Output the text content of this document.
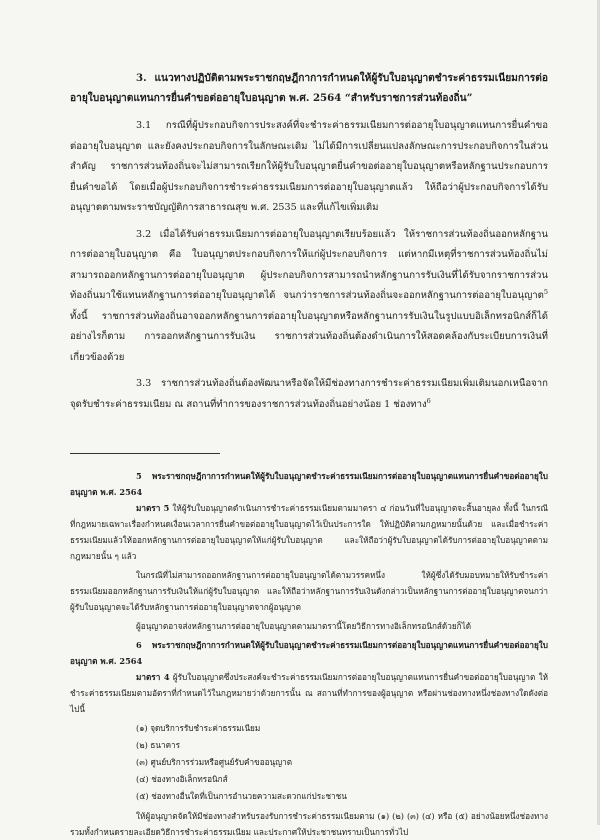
3. แนวทางปฏิบัติตามพระราชกฤษฎีกาการกำหนดให้ผู้รับใบอนุญาตชำระค่าธรรมเนียมการต่ออายุใบอนุญาตแทนการยื่นคำขอต่ออายุใบอนุญาต พ.ศ. 2564 “สำหรับราชการส่วนท้องถิ่น”

3.1 กรณีที่ผู้ประกอบกิจการประสงค์ที่จะชำระค่าธรรมเนียมการต่ออายุใบอนุญาตแทนการยื่นคำขอต่ออายุใบอนุญาต และยังคงประกอบกิจการในลักษณะเดิม ไม่ได้มีการเปลี่ยนแปลงลักษณะการประกอบกิจการในส่วนสำคัญ ราชการส่วนท้องถิ่นจะไม่สามารถเรียกให้ผู้รับใบอนุญาตยื่นคำขอต่ออายุใบอนุญาตหรือหลักฐานประกอบการยื่นคำขอได้ โดยเมื่อผู้ประกอบกิจการชำระค่าธรรมเนียมการต่ออายุใบอนุญาตแล้ว ให้ถือว่าผู้ประกอบกิจการได้รับอนุญาตตามพระราชบัญญัติการสาธารณสุข พ.ศ. 2535 และที่แก้ไขเพิ่มเติม

3.2 เมื่อได้รับค่าธรรมเนียมการต่ออายุใบอนุญาตเรียบร้อยแล้ว ให้ราชการส่วนท้องถิ่นออกหลักฐานการต่ออายุใบอนุญาต คือ ใบอนุญาตประกอบกิจการให้แก่ผู้ประกอบกิจการ แต่หากมีเหตุที่ราชการส่วนท้องถิ่นไม่สามารถออกหลักฐานการต่ออายุใบอนุญาต ผู้ประกอบกิจการสามารถนำหลักฐานการรับเงินที่ได้รับจากราชการส่วนท้องถิ่นมาใช้แทนหลักฐานการต่ออายุใบอนุญาตได้ จนกว่าราชการส่วนท้องถิ่นจะออกหลักฐานการต่ออายุใบอนุญาต$^5$ ทั้งนี้ ราชการส่วนท้องถิ่นอาจออกหลักฐานการต่ออายุใบอนุญาตหรือหลักฐานการรับเงินในรูปแบบอิเล็กทรอนิกส์ก็ได้ อย่างไรก็ตาม การออกหลักฐานการรับเงิน ราชการส่วนท้องถิ่นต้องดำเนินการให้สอดคล้องกับระเบียบการเงินที่เกี่ยวข้องด้วย

3.3 ราชการส่วนท้องถิ่นต้องพัฒนาหรือจัดให้มีช่องทางการชำระค่าธรรมเนียมเพิ่มเติมนอกเหนือจากจุดรับชำระค่าธรรมเนียม ณ สถานที่ทำการของราชการส่วนท้องถิ่นอย่างน้อย 1 ช่องทาง$^6$

5 พระราชกฤษฎีกาการกำหนดให้ผู้รับใบอนุญาตชำระค่าธรรมเนียมการต่ออายุใบอนุญาตแทนการยื่นคำขอต่ออายุใบอนุญาต พ.ศ. 2564

มาตรา 5 ให้ผู้รับใบอนุญาตดำเนินการชำระค่าธรรมเนียมตามมาตรา ๔ ก่อนวันที่ใบอนุญาตจะสิ้นอายุลง ทั้งนี้ ในกรณีที่กฎหมายเฉพาะเรื่องกำหนดเงื่อนเวลาการยื่นคำขอต่ออายุใบอนุญาตไว้เป็นประการใด ให้ปฏิบัติตามกฎหมายนั้นด้วย และเมื่อชำระค่าธรรมเนียมแล้วให้ออกหลักฐานการต่ออายุใบอนุญาตให้แก่ผู้รับใบอนุญาต และให้ถือว่าผู้รับใบอนุญาตได้รับการต่ออายุใบอนุญาตตามกฎหมายนั้น ๆ แล้ว

ในกรณีที่ไม่สามารถออกหลักฐานการต่ออายุใบอนุญาตได้ตามวรรคหนึ่ง ให้ผู้ซึ่งได้รับมอบหมายให้รับชำระค่าธรรมเนียมออกหลักฐานการรับเงินให้แก่ผู้รับใบอนุญาต และให้ถือว่าหลักฐานการรับเงินดังกล่าวเป็นหลักฐานการต่ออายุใบอนุญาตจนกว่าผู้รับใบอนุญาตจะได้รับหลักฐานการต่ออายุใบอนุญาตจากผู้อนุญาต

ผู้อนุญาตอาจส่งหลักฐานการต่ออายุใบอนุญาตตามมาตรานี้โดยวิธีการทางอิเล็กทรอนิกส์ด้วยก็ได้

6 พระราชกฤษฎีกาการกำหนดให้ผู้รับใบอนุญาตชำระค่าธรรมเนียมการต่ออายุใบอนุญาตแทนการยื่นคำขอต่ออายุใบอนุญาต พ.ศ. 2564

มาตรา 4 ผู้รับใบอนุญาตซึ่งประสงค์จะชำระค่าธรรมเนียมการต่ออายุใบอนุญาตแทนการยื่นคำขอต่ออายุใบอนุญาต ให้ชำระค่าธรรมเนียมตามอัตราที่กำหนดไว้ในกฎหมายว่าด้วยการนั้น ณ สถานที่ทำการของผู้อนุญาต หรือผ่านช่องทางหนึ่งช่องทางใดดังต่อไปนี้

(๑) จุดบริการรับชำระค่าธรรมเนียม
(๒) ธนาคาร
(๓) ศูนย์บริการร่วมหรือศูนย์รับคำขออนุญาต
(๔) ช่องทางอิเล็กทรอนิกส์
(๕) ช่องทางอื่นใดที่เป็นการอำนวยความสะดวกแก่ประชาชน

ให้ผู้อนุญาตจัดให้มีช่องทางสำหรับรองรับการชำระค่าธรรมเนียมตาม (๑) (๒) (๓) (๔) หรือ (๕) อย่างน้อยหนึ่งช่องทาง รวมทั้งกำหนดรายละเอียดวิธีการชำระค่าธรรมเนียม และประกาศให้ประชาชนทราบเป็นการทั่วไป
